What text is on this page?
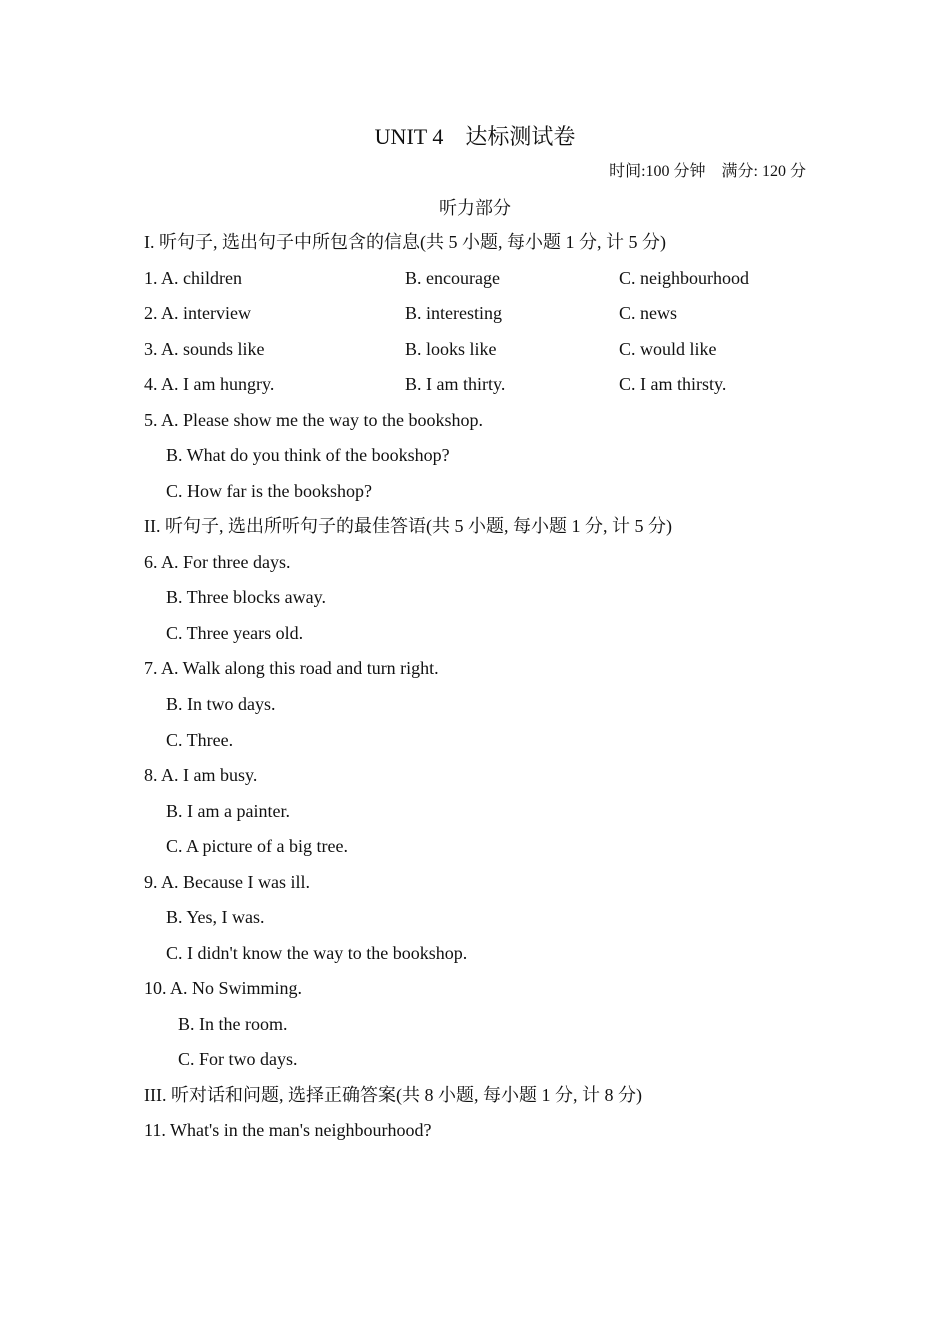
UNIT 4　达标测试卷
时间:100 分钟　满分: 120 分
听力部分
I. 听句子, 选出句子中所包含的信息(共 5 小题, 每小题 1 分, 计 5 分)
1. A. children	B. encourage	C. neighbourhood
2. A. interview	B. interesting	C. news
3. A. sounds like	B. looks like	C. would like
4. A. I am hungry.	B. I am thirty.	C. I am thirsty.
5. A. Please show me the way to the bookshop.
B. What do you think of the bookshop?
C. How far is the bookshop?
II. 听句子, 选出所听句子的最佳答语(共 5 小题, 每小题 1 分, 计 5 分)
6. A. For three days.
B. Three blocks away.
C. Three years old.
7. A. Walk along this road and turn right.
B. In two days.
C. Three.
8. A. I am busy.
B. I am a painter.
C. A picture of a big tree.
9. A. Because I was ill.
B. Yes, I was.
C. I didn't know the way to the bookshop.
10. A. No Swimming.
B. In the room.
C. For two days.
III. 听对话和问题, 选择正确答案(共 8 小题, 每小题 1 分, 计 8 分)
11. What's in the man's neighbourhood?
